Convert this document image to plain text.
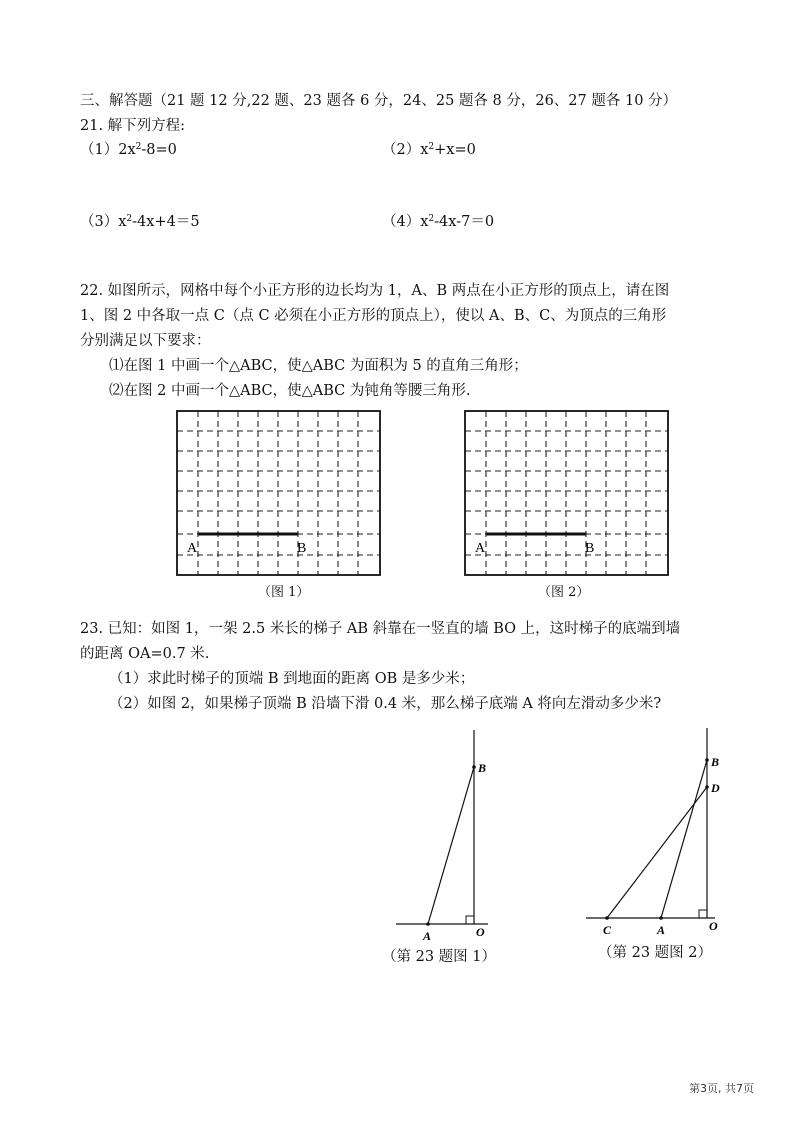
三、解答题（21 题 12 分,22 题、23 题各 6 分，24、25 题各 8 分，26、27 题各 10 分）
21. 解下列方程:
$(1)2x^2-8=0$	$(2)x^2+x=0$
$(3)x^2-4x+4=5$	$(4)x^2-4x-7=0$
22. 如图所示，网格中每个小正方形的边长均为 1，A、B 两点在小正方形的顶点上，请在图
1、图 2 中各取一点 C（点 C 必须在小正方形的顶点上），使以 A、B、C、为顶点的三角形
分别满足以下要求：
⑴在图 1 中画一个△ABC，使△ABC 为面积为 5 的直角三角形；
⑵在图 2 中画一个△ABC，使△ABC 为钝角等腰三角形.
A	B
（图 1）
A	B
（图 2）
23. 已知：如图 1，一架 2.5 米长的梯子 AB 斜靠在一竖直的墙 BO 上，这时梯子的底端到墙
的距离 OA=0.7 米.
（1）求此时梯子的顶端 B 到地面的距离 OB 是多少米；
（2）如图 2，如果梯子顶端 B 沿墙下滑 0.4 米，那么梯子底端 A 将向左滑动多少米?
B
A	O
（第 23 题图 1）
B
D
C	A	O
（第 23 题图 2）
第3页, 共7页
